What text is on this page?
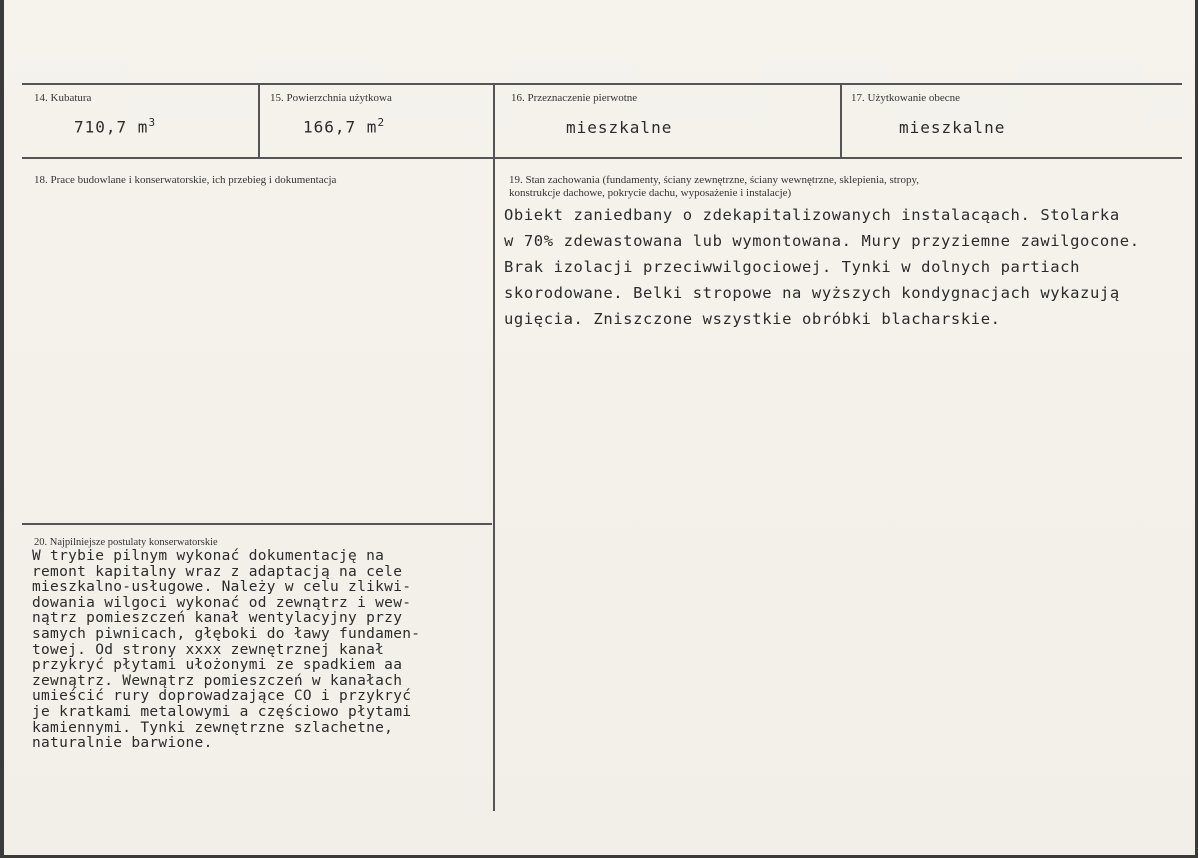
14. Kubatura
710,7 $m^3$
15. Powierzchnia użytkowa
166,7 $m^2$
16. Przeznaczenie pierwotne
mieszkalne
17. Użytkowanie obecne
mieszkalne
18. Prace budowlane i konserwatorskie, ich przebieg i dokumentacja	19. Stan zachowania (fundamenty, ściany zewnętrzne, ściany wewnętrzne, sklepienia, stropy,
konstrukcje dachowe, pokrycie dachu, wyposażenie i instalacje)
Obiekt zaniedbany o zdekapitalizowanych instalacąach. Stolarka
w 70% zdewastowana lub wymontowana. Mury przyziemne zawilgocone.
Brak izolacji przeciwwilgociowej. Tynki w dolnych partiach
skorodowane. Belki stropowe na wyższych kondygnacjach wykazują
ugięcia. Zniszczone wszystkie obróbki blacharskie.
20. Najpilniejsze postulaty konserwatorskie
W trybie pilnym wykonać dokumentację na
remont kapitalny wraz z adaptacją na cele
mieszkalno-usługowe. Należy w celu zlikwi-
dowania wilgoci wykonać od zewnątrz i wew-
nątrz pomieszczeń kanał wentylacyjny przy
samych piwnicach, głęboki do ławy fundamen-
towej. Od strony xxxx zewnętrznej kanał
przykryć płytami ułożonymi ze spadkiem aa
zewnątrz. Wewnątrz pomieszczeń w kanałach
umieścić rury doprowadzające CO i przykryć
je kratkami metalowymi a częściowo płytami
kamiennymi. Tynki zewnętrzne szlachetne,
naturalnie barwione.
